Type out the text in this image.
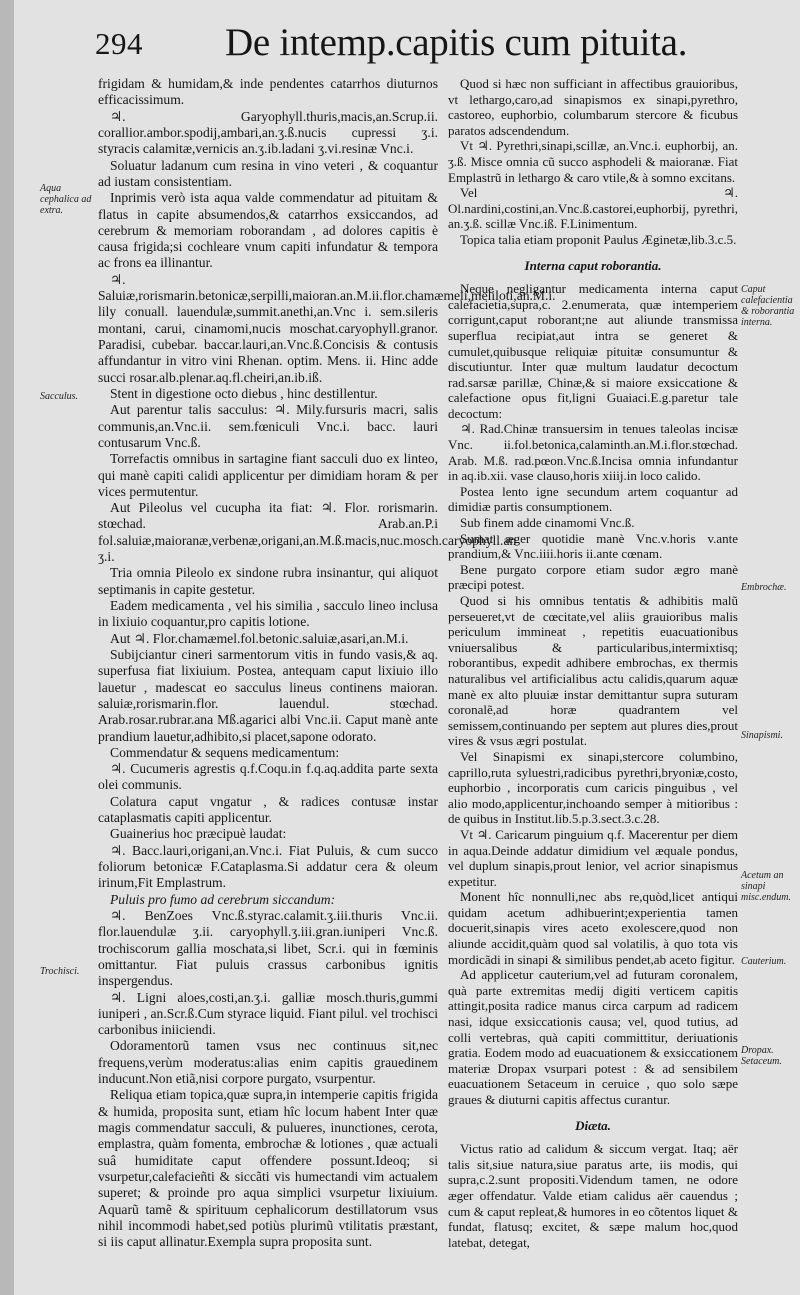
294 De intemp.capitis cum pituita.

frigidam & humidam,& inde pendentes catarrhos diuturnos efficacissimum.

♃. Garyophyll.thuris,macis,an.Scrup.ii. corallior.ambor.spodij,ambari,an.ʒ.ß.nucis cupressi ʒ.i. styracis calamitæ,vernicis an.ʒ.ib.ladani ʒ.vi.resinæ Vnc.i.

Soluatur ladanum cum resina in vino veteri , & coquantur ad iustam consistentiam.

Inprimis verò ista aqua valde commendatur ad pituitam & flatus in capite absumendos,& catarrhos exsiccandos, ad cerebrum & memoriam roborandam , ad dolores capitis è causa frigida;si cochleare vnum capiti infundatur & tempora ac frons ea illinantur.

♃. Saluiæ,rorismarin.betonicæ,serpilli,maioran.an.M.ii.flor.chamæmeli,meliloti,an.M.i. lily conuall. lauendulæ,summit.anethi,an.Vnc i. sem.sileris montani, carui, cinamomi,nucis moschat.caryophyll.granor. Paradisi, cubebar. baccar.lauri,an.Vnc.ß.Concisis & contusis affundantur in vitro vini Rhenan. optim. Mens. ii. Hinc adde succi rosar.alb.plenar.aq.fl.cheiri,an.ib.iß.

Stent in digestione octo diebus , hinc destillentur.

Aut parentur talis sacculus: ♃. Mily.fursuris macri, salis communis,an.Vnc.ii. sem.fœniculi Vnc.i. bacc. lauri contusarum Vnc.ß.

Torrefactis omnibus in sartagine fiant sacculi duo ex linteo, qui manè capiti calidi applicentur per dimidiam horam & per vices permutentur.

Aut Pileolus vel cucupha ita fiat: ♃. Flor. rorismarin. stœchad. Arab.an.P.i fol.saluiæ,maioranæ,verbenæ,origani,an.M.ß.macis,nuc.mosch.caryophyll.an ʒ.i.

Tria omnia Pileolo ex sindone rubra insinantur, qui aliquot septimanis in capite gestetur.

Eadem medicamenta , vel his similia , sacculo lineo inclusa in lixiuio coquantur,pro capitis lotione.

Aut ♃. Flor.chamæmel.fol.betonic.saluiæ,asari,an.M.i.

Subijciantur cineri sarmentorum vitis in fundo vasis,& aq. superfusa fiat lixiuium. Postea, antequam caput lixiuio illo lauetur , madescat eo sacculus lineus continens maioran. saluiæ,rorismarin.flor. lauendul. stœchad. Arab.rosar.rubrar.ana Mß.agarici albi Vnc.ii. Caput manè ante prandium lauetur,adhibito,si placet,sapone odorato.

Commendatur & sequens medicamentum:

♃. Cucumeris agrestis q.f.Coqu.in f.q.aq.addita parte sexta olei communis.

Colatura caput vngatur , & radices contusæ instar cataplasmatis capiti applicentur.

Guainerius hoc præcipuè laudat:

♃. Bacc.lauri,origani,an.Vnc.i. Fiat Puluis, & cum succo foliorum betonicæ F.Cataplasma.Si addatur cera & oleum irinum,Fit Emplastrum.

Puluis pro fumo ad cerebrum siccandum:

♃. BenZoes Vnc.ß.styrac.calamit.ʒ.iii.thuris Vnc.ii. flor.lauendulæ ʒ.ii. caryophyll.ʒ.iii.gran.iuniperi Vnc.ß. trochiscorum gallia moschata,si libet, Scr.i. qui in fœminis omittantur. Fiat puluis crassus carbonibus ignitis inspergendus.

♃. Ligni aloes,costi,an.ʒ.i. galliæ mosch.thuris,gummi iuniperi , an.Scr.ß.Cum styrace liquid. Fiant pilul. vel trochisci carbonibus iniiciendi.

Odoramentorũ tamen vsus nec continuus sit,nec frequens,verùm moderatus:alias enim capitis grauedinem inducunt.Non etiã,nisi corpore purgato, vsurpentur.

Reliqua etiam topica,quæ supra,in intemperie capitis frigida & humida, proposita sunt, etiam hîc locum habent Inter quæ magis commendatur sacculi, & pulueres, inunctiones, cerota, emplastra, quàm fomenta, embrochæ & lotiones , quæ actuali suâ humiditate caput offendere possunt.Ideoq; si vsurpetur,calefacieñti & siccãti vis humectandi vim actualem superet; & proinde pro aqua simplici vsurpetur lixiuium. Aquarũ tamẽ & spirituum cephalicorum destillatorum vsus nihil incommodi habet,sed potiùs plurimũ vtilitatis præstant, si iis caput allinatur.Exempla supra proposita sunt.

Quod si hæc non sufficiant in affectibus grauioribus, vt lethargo,caro,ad sinapismos ex sinapi,pyrethro, castoreo, euphorbio, columbarum stercore & ficubus paratos adscendendum.

Vt ♃. Pyrethri,sinapi,scillæ, an.Vnc.i. euphorbij, an. ʒ.ß. Misce omnia cũ succo asphodeli & maioranæ. Fiat Emplastrũ in lethargo & caro vtile,& à somno excitans.

Vel ♃. Ol.nardini,costini,an.Vnc.ß.castorei,euphorbij, pyrethri, an.ʒ.ß. scillæ Vnc.iß. F.Linimentum.

Topica talia etiam proponit Paulus Æginetæ,lib.3.c.5.

Interna caput roborantia.

Neque negligantur medicamenta interna caput calefacietia,supra,c. 2.enumerata, quæ intemperiem corrigunt,caput roborant;ne aut aliunde transmissa superflua recipiat,aut intra se generet & cumulet,quibusque reliquiæ pituitæ consumuntur & discutiuntur. Inter quæ multum laudatur decoctum rad.sarsæ parillæ, Chinæ,& si maiore exsiccatione & calefactione opus fit,ligni Guaiaci.E.g.paretur tale decoctum:

♃. Rad.Chinæ transuersim in tenues taleolas incisæ Vnc. ii.fol.betonica,calaminth.an.M.i.flor.stœchad. Arab. M.ß. rad.pœon.Vnc.ß.Incisa omnia infundantur in aq.ib.xii. vase clauso,horis xiiij.in loco calido.

Postea lento igne secundum artem coquantur ad dimidiæ partis consumptionem.

Sub finem adde cinamomi Vnc.ß.

Sumat æger quotidie manè Vnc.v.horis v.ante prandium,& Vnc.iiii.horis ii.ante cœnam.

Bene purgato corpore etiam sudor ægro manè præcipi potest.

Quod si his omnibus tentatis & adhibitis malũ perseueret,vt de cœcitate,vel aliis grauioribus malis periculum immineat , repetitis euacuationibus vniuersalibus & particularibus,intermixtisq; roborantibus, expedit adhibere embrochas, ex thermis naturalibus vel artificialibus actu calidis,quarum aquæ manè ex alto pluuiæ instar demittantur supra suturam coronalẽ,ad horæ quadrantem vel semissem,continuando per septem aut plures dies,prout vires & vsus ægri postulat.

Vel Sinapismi ex sinapi,stercore columbino, caprillo,ruta syluestri,radicibus pyrethri,bryoniæ,costo, euphorbio , incorporatis cum caricis pinguibus , vel alio modo,applicentur,inchoando semper à mitioribus : de quibus in Institut.lib.5.p.3.sect.3.c.28.

Vt ♃. Caricarum pinguium q.f. Macerentur per diem in aqua.Deinde addatur dimidium vel æquale pondus, vel duplum sinapis,prout lenior, vel acrior sinapismus expetitur.

Monent hîc nonnulli,nec abs re,quòd,licet antiqui quidam acetum adhibuerint;experientia tamen docuerit,sinapis vires aceto exolescere,quod non aliunde accidit,quàm quod sal volatilis, à quo tota vis mordicãdi in sinapi & similibus pendet,ab aceto figitur.

Ad applicetur cauterium,vel ad futuram coronalem, quà parte extremitas medij digiti verticem capitis attingit,posita radice manus circa carpum ad radicem nasi, idque exsiccationis causa; vel, quod tutius, ad colli vertebras, quà capiti committitur, deriuationis gratia. Eodem modo ad euacuationem & exsiccationem materiæ Dropax vsurpari potest : & ad sensibilem euacuationem Setaceum in ceruice , quo solo sæpe graues & diuturni capitis affectus curantur.

Diæta.

Victus ratio ad calidum & siccum vergat. Itaq; aër talis sit,siue natura,siue paratus arte, iis modis, qui supra,c.2.sunt propositi.Videndum tamen, ne odore æger offendatur. Valde etiam calidus aër cauendus ; cum & caput repleat,& humores in eo cõtentos liquet & fundat, flatusq; excitet, & sæpe malum hoc,quod latebat, detegat,

Aqua cephalica ad extra.
Sacculus.
Trochisci.
Caput calefacientia & roborantia interna.
Embrochæ.
Sinapismi.
Acetum an sinapi misc.endum.
Cauterium.
Dropax. Setaceum.
